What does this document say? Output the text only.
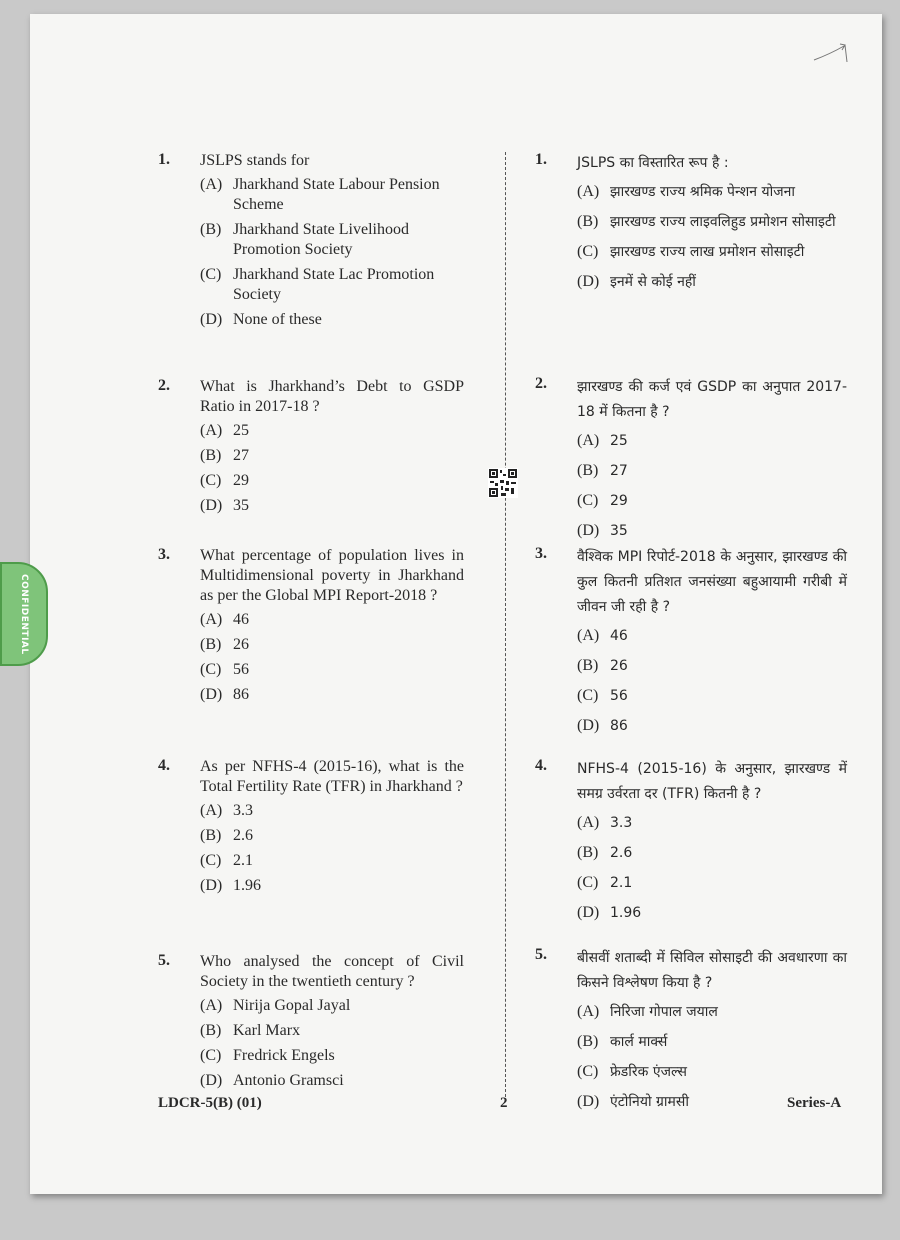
1. JSLPS stands for
(A) Jharkhand State Labour Pension Scheme
(B) Jharkhand State Livelihood Promotion Society
(C) Jharkhand State Lac Promotion Society
(D) None of these
2. What is Jharkhand’s Debt to GSDP Ratio in 2017-18 ?
(A) 25
(B) 27
(C) 29
(D) 35
3. What percentage of population lives in Multidimensional poverty in Jharkhand as per the Global MPI Report-2018 ?
(A) 46
(B) 26
(C) 56
(D) 86
4. As per NFHS-4 (2015-16), what is the Total Fertility Rate (TFR) in Jharkhand ?
(A) 3.3
(B) 2.6
(C) 2.1
(D) 1.96
5. Who analysed the concept of Civil Society in the twentieth century ?
(A) Nirija Gopal Jayal
(B) Karl Marx
(C) Fredrick Engels
(D) Antonio Gramsci
1. JSLPS का विस्तारित रूप है :
(A) झारखण्ड राज्य श्रमिक पेन्शन योजना
(B) झारखण्ड राज्य लाइवलिहुड प्रमोशन सोसाइटी
(C) झारखण्ड राज्य लाख प्रमोशन सोसाइटी
(D) इनमें से कोई नहीं
2. झारखण्ड की कर्ज एवं GSDP का अनुपात 2017-18 में कितना है ?
(A) 25
(B) 27
(C) 29
(D) 35
3. वैश्विक MPI रिपोर्ट-2018 के अनुसार, झारखण्ड की कुल कितनी प्रतिशत जनसंख्या बहुआयामी गरीबी में जीवन जी रही है ?
(A) 46
(B) 26
(C) 56
(D) 86
4. NFHS-4 (2015-16) के अनुसार, झारखण्ड में समग्र उर्वरता दर (TFR) कितनी है ?
(A) 3.3
(B) 2.6
(C) 2.1
(D) 1.96
5. बीसवीं शताब्दी में सिविल सोसाइटी की अवधारणा का किसने विश्लेषण किया है ?
(A) निरिजा गोपाल जयाल
(B) कार्ल मार्क्स
(C) फ्रेडरिक एंजल्स
(D) एंटोनियो ग्रामसी
LDCR-5(B) (01)	2	Series-A
CONFIDENTIAL
